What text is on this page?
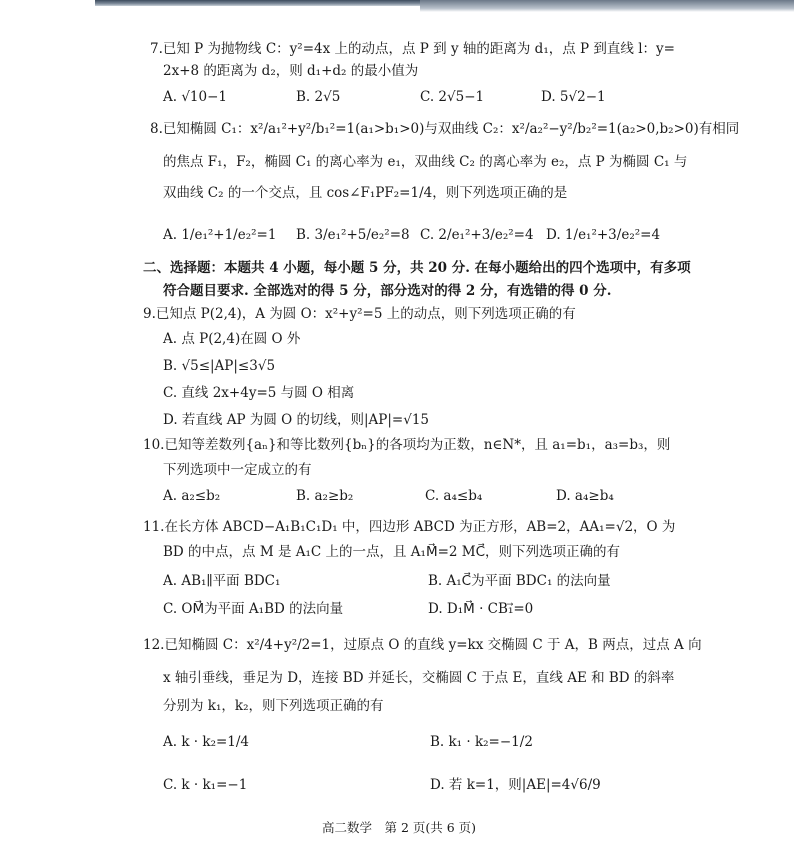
7.已知 P 为抛物线 C：y²=4x 上的动点，点 P 到 y 轴的距离为 d₁，点 P 到直线 l：y=
2x+8 的距离为 d₂，则 d₁+d₂ 的最小值为
A. √10−1	B. 2√5	C. 2√5−1	D. 5√2−1
8.已知椭圆 C₁：x²/a₁²+y²/b₁²=1(a₁>b₁>0)与双曲线 C₂：x²/a₂²−y²/b₂²=1(a₂>0,b₂>0)有相同
的焦点 F₁，F₂，椭圆 C₁ 的离心率为 e₁，双曲线 C₂ 的离心率为 e₂，点 P 为椭圆 C₁ 与
双曲线 C₂ 的一个交点，且 cos∠F₁PF₂=1/4，则下列选项正确的是
A. 1/e₁²+1/e₂²=1 B. 3/e₁²+5/e₂²=8 C. 2/e₁²+3/e₂²=4 D. 1/e₁²+3/e₂²=4
二、选择题：本题共 4 小题，每小题 5 分，共 20 分. 在每小题给出的四个选项中，有多项
符合题目要求. 全部选对的得 5 分，部分选对的得 2 分，有选错的得 0 分.
9.已知点 P(2,4)，A 为圆 O：x²+y²=5 上的动点，则下列选项正确的有
A. 点 P(2,4)在圆 O 外
B. √5≤|AP|≤3√5
C. 直线 2x+4y=5 与圆 O 相离
D. 若直线 AP 为圆 O 的切线，则|AP|=√15
10.已知等差数列{aₙ}和等比数列{bₙ}的各项均为正数，n∈N*，且 a₁=b₁，a₃=b₃，则
下列选项中一定成立的有
A. a₂≤b₂	B. a₂≥b₂	C. a₄≤b₄	D. a₄≥b₄
11.在长方体 ABCD−A₁B₁C₁D₁ 中，四边形 ABCD 为正方形，AB=2，AA₁=√2，O 为
BD 的中点，点 M 是 A₁C 上的一点，且 A₁M⃗=2 MC⃗，则下列选项正确的有
A. AB₁∥平面 BDC₁	B. A₁C⃗为平面 BDC₁ 的法向量
C. OM⃗为平面 A₁BD 的法向量	D. D₁M⃗ · CB₁⃗=0
12.已知椭圆 C：x²/4+y²/2=1，过原点 O 的直线 y=kx 交椭圆 C 于 A，B 两点，过点 A 向
x 轴引垂线，垂足为 D，连接 BD 并延长，交椭圆 C 于点 E，直线 AE 和 BD 的斜率
分别为 k₁，k₂，则下列选项正确的有
A. k · k₂=1/4	B. k₁ · k₂=−1/2
C. k · k₁=−1	D. 若 k=1，则|AE|=4√6/9
高二数学　第 2 页(共 6 页)
